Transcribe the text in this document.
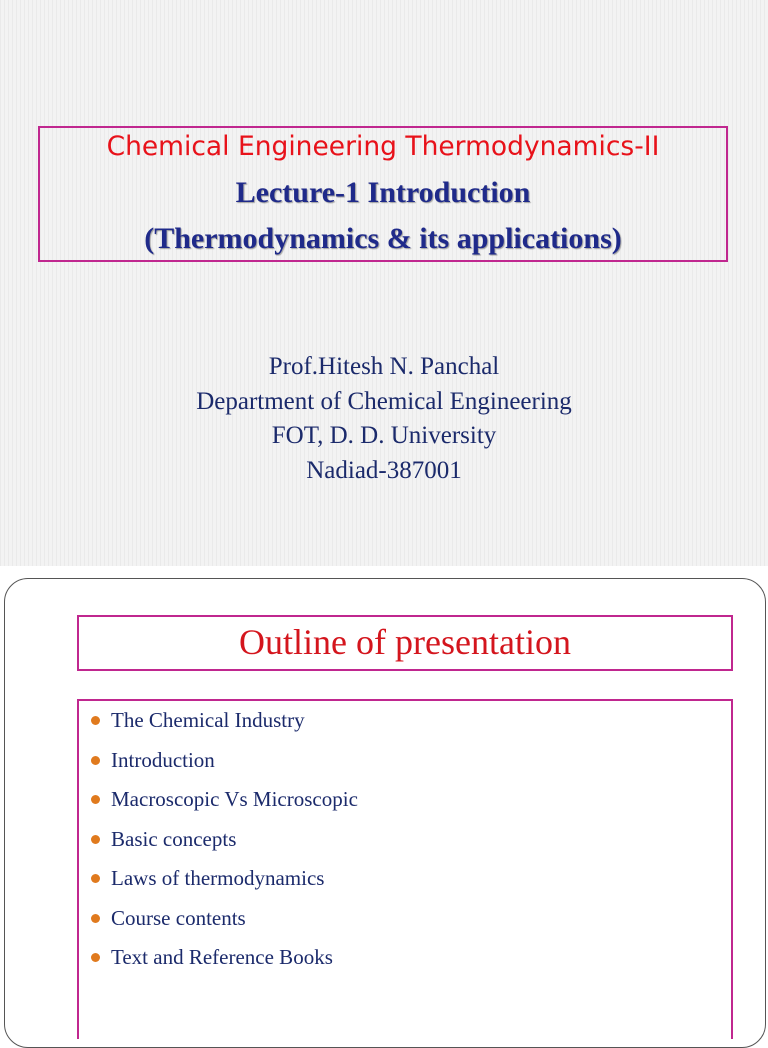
Chemical Engineering Thermodynamics-II
Lecture-1 Introduction
(Thermodynamics & its applications)
Prof.Hitesh N. Panchal
Department of Chemical Engineering
FOT, D. D. University
Nadiad-387001
Outline of presentation
The Chemical Industry
Introduction
Macroscopic Vs Microscopic
Basic concepts
Laws of thermodynamics
Course contents
Text and Reference Books
